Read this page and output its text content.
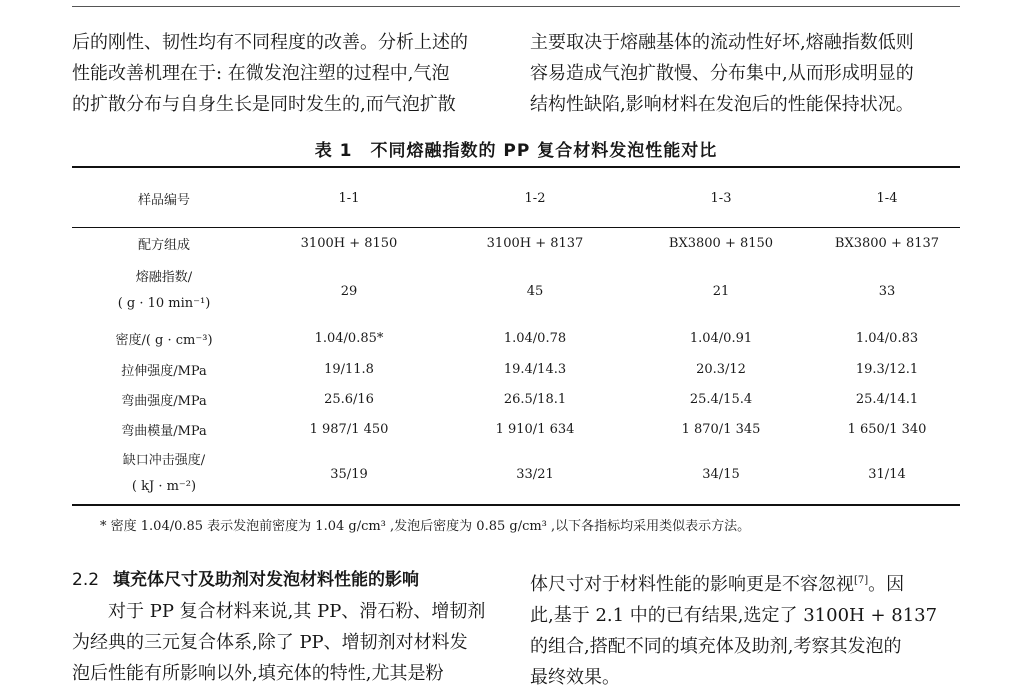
后的刚性、韧性均有不同程度的改善。分析上述的

性能改善机理在于: 在微发泡注塑的过程中,气泡

的扩散分布与自身生长是同时发生的,而气泡扩散

主要取决于熔融基体的流动性好坏,熔融指数低则

容易造成气泡扩散慢、分布集中,从而形成明显的

结构性缺陷,影响材料在发泡后的性能保持状况。

表 1　不同熔融指数的 PP 复合材料发泡性能对比
样品编号	1-1	1-2	1-3	1-4
配方组成	3100H + 8150	3100H + 8137	BX3800 + 8150	BX3800 + 8137

熔融指数/
( g · 10 min⁻¹)	29	45	21	33
密度/( g · cm⁻³)	1.04/0.85*	1.04/0.78	1.04/0.91	1.04/0.83
拉伸强度/MPa	19/11.8	19.4/14.3	20.3/12	19.3/12.1
弯曲强度/MPa	25.6/16	26.5/18.1	25.4/15.4	25.4/14.1
弯曲模量/MPa	1 987/1 450	1 910/1 634	1 870/1 345	1 650/1 340

缺口冲击强度/
( kJ · m⁻²)	35/19	33/21	34/15	31/14
* 密度 1.04/0.85 表示发泡前密度为 1.04 g/cm³ ,发泡后密度为 0.85 g/cm³ ,以下各指标均采用类似表示方法。
2.2 填充体尺寸及助剂对发泡材料性能的影响

对于 PP 复合材料来说,其 PP、滑石粉、增韧剂

为经典的三元复合体系,除了 PP、增韧剂对材料发

泡后性能有所影响以外,填充体的特性,尤其是粉

体尺寸对于材料性能的影响更是不容忽视[7]。因

此,基于 2.1 中的已有结果,选定了 3100H + 8137

的组合,搭配不同的填充体及助剂,考察其发泡的

最终效果。
